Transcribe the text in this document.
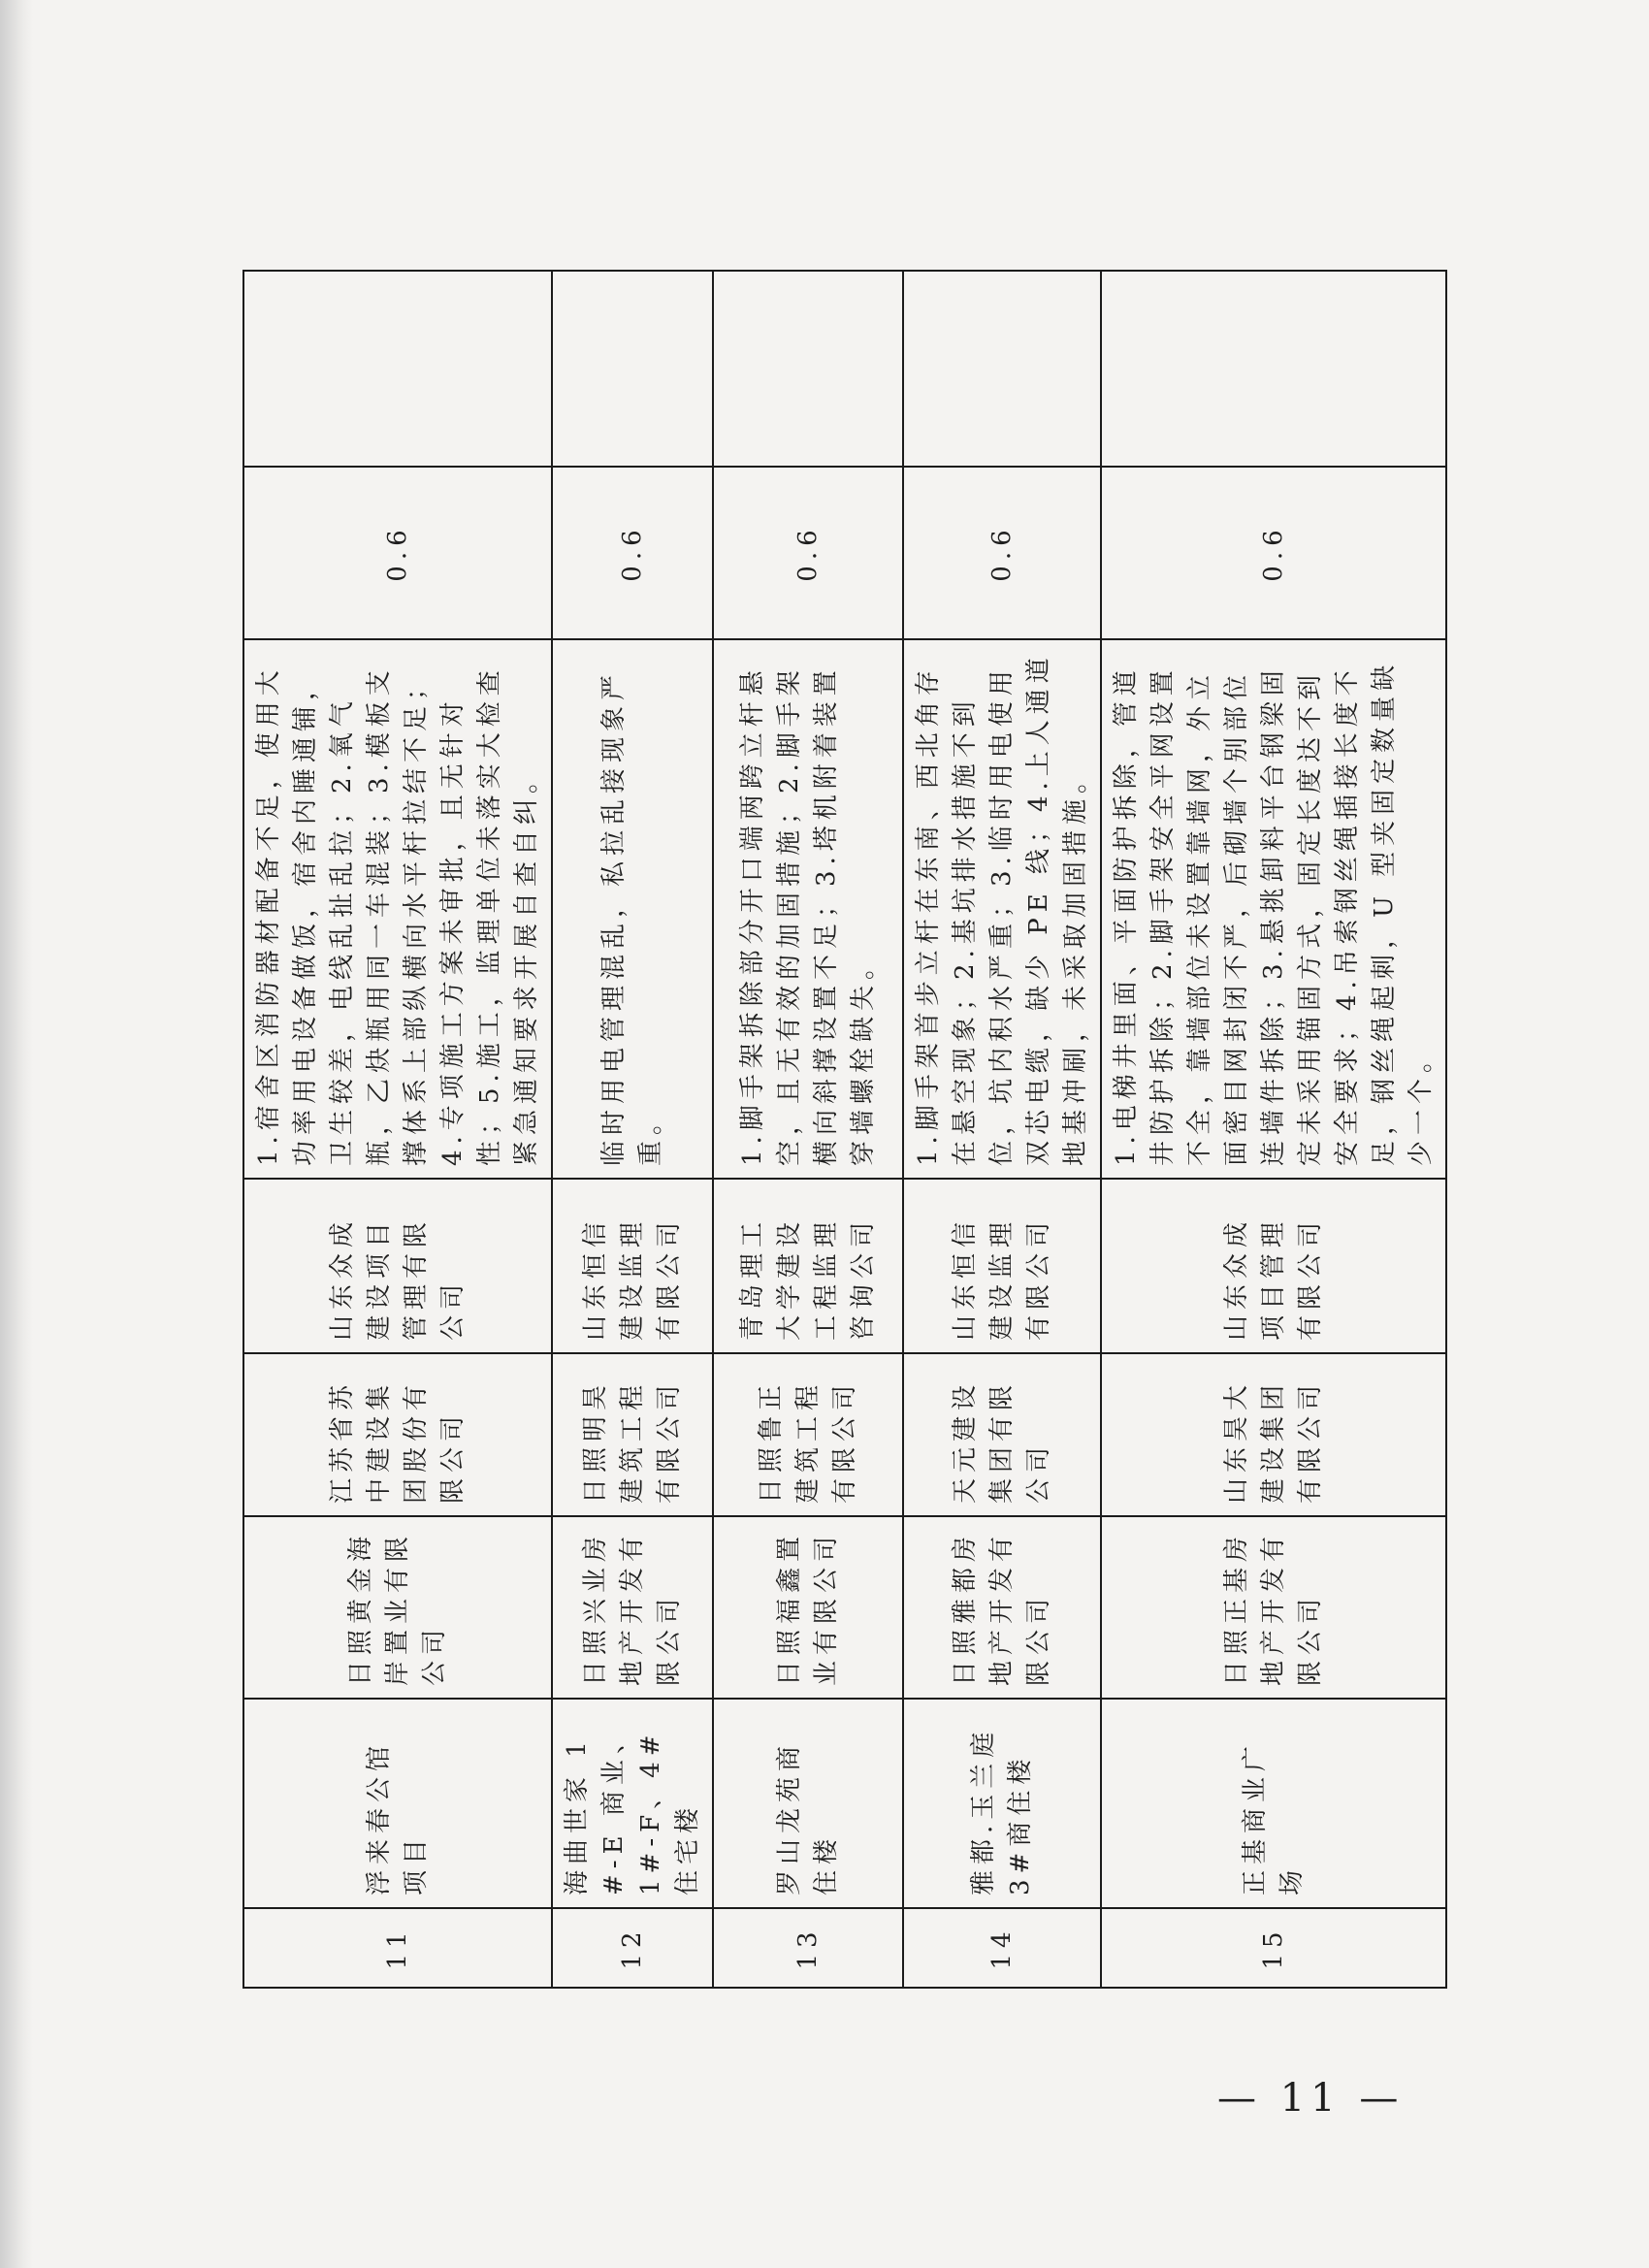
11	浮来春公馆项目	日照黄金海岸置业有限公司	江苏省苏中建设集团股份有限公司	山东众成建设项目管理有限公司	1.宿舍区消防器材配备不足，使用大功率用电设备做饭，宿舍内睡通铺，卫生较差，电线乱扯乱拉；2.氧气瓶，乙炔瓶用同一车混装；3.模板支撑体系上部纵横向水平杆拉结不足；4.专项施工方案未审批，且无针对性；5.施工，监理单位未落实大检查紧急通知要求开展自查自纠。	0.6	
12	海曲世家 1#-E 商业、1#-F、4#住宅楼	日照兴业房地产开发有限公司	日照明昊建筑工程有限公司	山东恒信建设监理有限公司	临时用电管理混乱，私拉乱接现象严重。	0.6	
13	罗山龙苑商住楼	日照福鑫置业有限公司	日照鲁正建筑工程有限公司	青岛理工大学建设工程监理咨询公司	1.脚手架拆除部分开口端两跨立杆悬空，且无有效的加固措施；2.脚手架横向斜撑设置不足；3.塔机附着装置穿墙螺栓缺失。	0.6	
14	雅都.玉兰庭 3#商住楼	日照雅都房地产开发有限公司	天元建设集团有限公司	山东恒信建设监理有限公司	1.脚手架首步立杆在东南、西北角存在悬空现象；2.基坑排水措施不到位，坑内积水严重；3.临时用电使用双芯电缆，缺少 PE 线；4.上人通道地基冲刷，未采取加固措施。	0.6	
15	正基商业广场	日照正基房地产开发有限公司	山东昊大建设集团有限公司	山东众成项目管理有限公司	1.电梯井里面、平面防护拆除，管道井防护拆除；2.脚手架安全平网设置不全，靠墙部位未设置靠墙网，外立面密目网封闭不严，后砌墙个别部位连墙件拆除；3.悬挑卸料平台钢梁固定未采用锚固方式，固定长度达不到安全要求；4.吊索钢丝绳插接长度不足，钢丝绳起刺，U 型夹固定数量缺少一个。	0.6	
— 11 —
